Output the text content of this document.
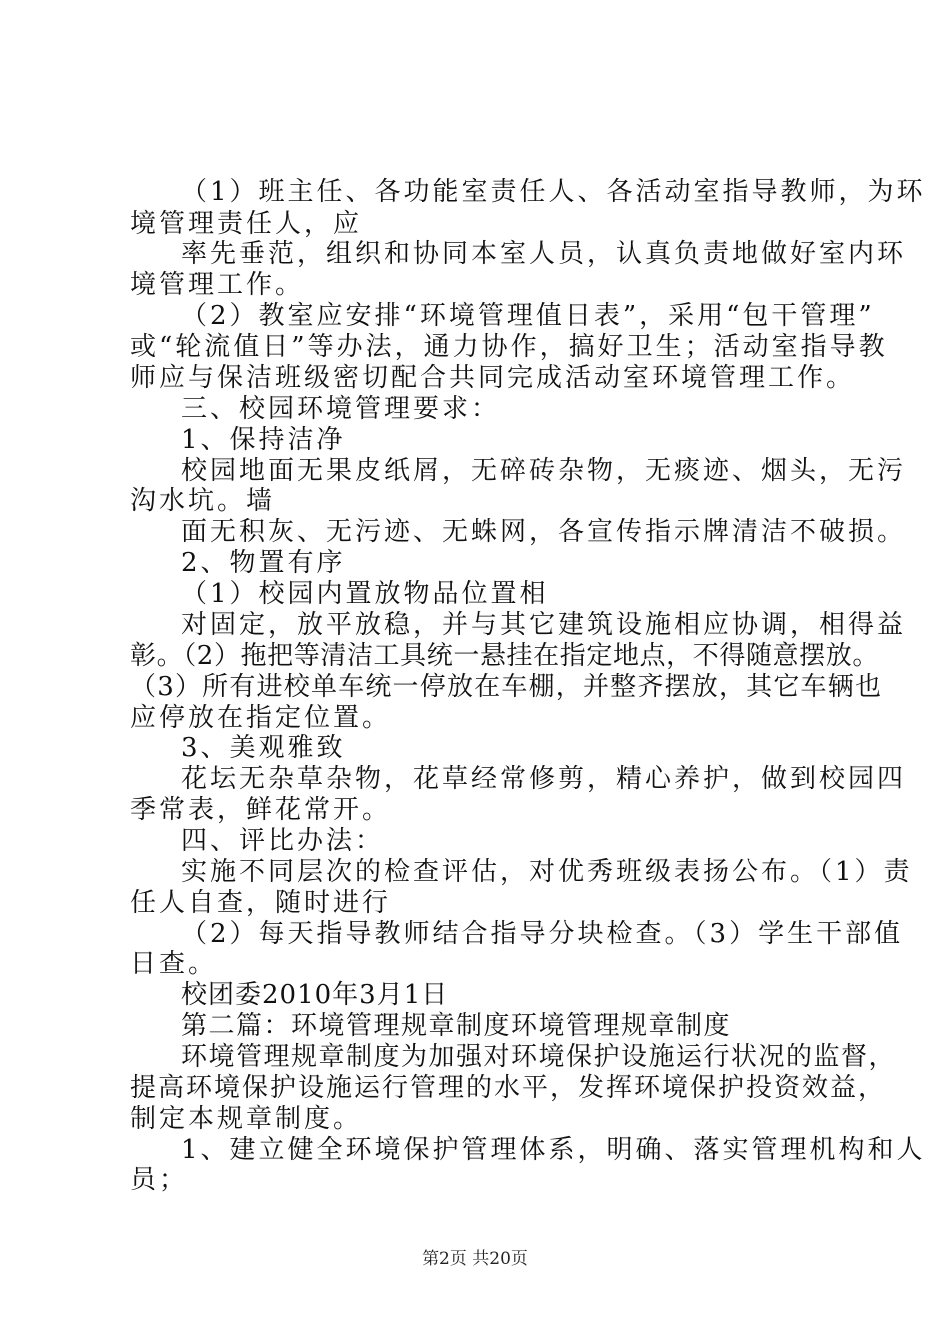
（1）班主任、各功能室责任人、各活动室指导教师，为环
境管理责任人，应
率先垂范，组织和协同本室人员，认真负责地做好室内环
境管理工作。
（2）教室应安排“环境管理值日表”，采用“包干管理”
或“轮流值日”等办法，通力协作，搞好卫生；活动室指导教
师应与保洁班级密切配合共同完成活动室环境管理工作。
三、校园环境管理要求：
1、保持洁净
校园地面无果皮纸屑，无碎砖杂物，无痰迹、烟头，无污
沟水坑。墙
面无积灰、无污迹、无蛛网，各宣传指示牌清洁不破损。
2、物置有序
（1）校园内置放物品位置相
对固定，放平放稳，并与其它建筑设施相应协调，相得益
彰。（2）拖把等清洁工具统一悬挂在指定地点，不得随意摆放。
（3）所有进校单车统一停放在车棚，并整齐摆放，其它车辆也
应停放在指定位置。
3、美观雅致
花坛无杂草杂物，花草经常修剪，精心养护，做到校园四
季常表，鲜花常开。
四、评比办法：
实施不同层次的检查评估，对优秀班级表扬公布。（1）责
任人自查，随时进行
（2）每天指导教师结合指导分块检查。（3）学生干部值
日查。
校团委2010年3月1日
第二篇：环境管理规章制度环境管理规章制度
环境管理规章制度为加强对环境保护设施运行状况的监督，
提高环境保护设施运行管理的水平，发挥环境保护投资效益，
制定本规章制度。
1、建立健全环境保护管理体系，明确、落实管理机构和人
员；
第2页 共20页
